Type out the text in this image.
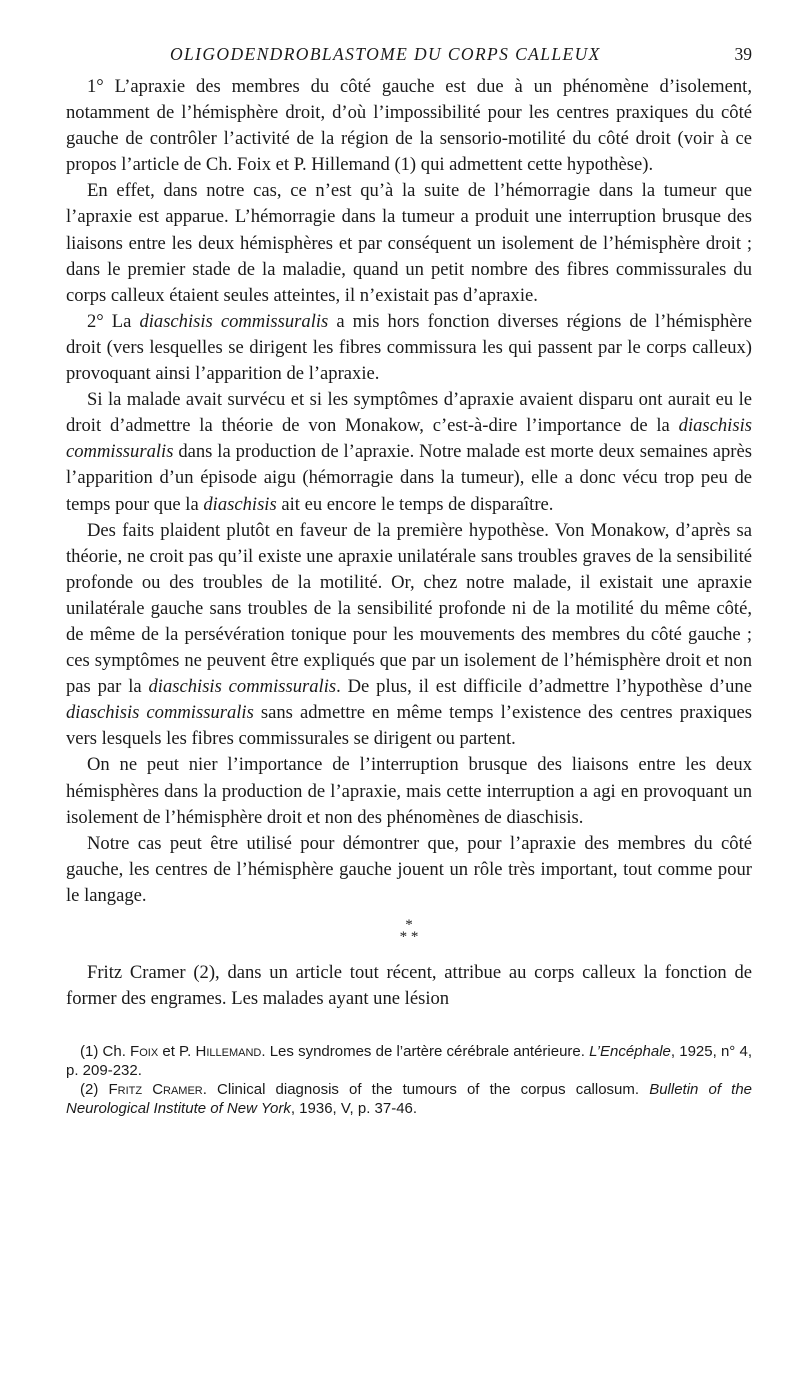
OLIGODENDROBLASTOME DU CORPS CALLEUX	39

1° L’apraxie des membres du côté gauche est due à un phénomène d’isolement, notamment de l’hémisphère droit, d’où l’impossibilité pour les centres praxiques du côté gauche de contrôler l’activité de la région de la sensorio-motilité du côté droit (voir à ce propos l’article de Ch. Foix et P. Hillemand (1) qui admettent cette hypothèse).

En effet, dans notre cas, ce n’est qu’à la suite de l’hémorragie dans la tumeur que l’apraxie est apparue. L’hémorragie dans la tumeur a produit une interruption brusque des liaisons entre les deux hémisphères et par conséquent un isolement de l’hémisphère droit ; dans le premier stade de la maladie, quand un petit nombre des fibres commissurales du corps calleux étaient seules atteintes, il n’existait pas d’apraxie.

2° La diaschisis commissuralis a mis hors fonction diverses régions de l’hémisphère droit (vers lesquelles se dirigent les fibres commissura les qui passent par le corps calleux) provoquant ainsi l’apparition de l’apraxie.

Si la malade avait survécu et si les symptômes d’apraxie avaient disparu ont aurait eu le droit d’admettre la théorie de von Monakow, c’est-à-dire l’importance de la diaschisis commissuralis dans la production de l’apraxie. Notre malade est morte deux semaines après l’apparition d’un épisode aigu (hémorragie dans la tumeur), elle a donc vécu trop peu de temps pour que la diaschisis ait eu encore le temps de disparaître.

Des faits plaident plutôt en faveur de la première hypothèse. Von Monakow, d’après sa théorie, ne croit pas qu’il existe une apraxie unilatérale sans troubles graves de la sensibilité profonde ou des troubles de la motilité. Or, chez notre malade, il existait une apraxie unilatérale gauche sans troubles de la sensibilité profonde ni de la motilité du même côté, de même de la persévération tonique pour les mouvements des membres du côté gauche ; ces symptômes ne peuvent être expliqués que par un isolement de l’hémisphère droit et non pas par la diaschisis commissuralis. De plus, il est difficile d’admettre l’hypothèse d’une diaschisis commissuralis sans admettre en même temps l’existence des centres praxiques vers lesquels les fibres commissurales se dirigent ou partent.

On ne peut nier l’importance de l’interruption brusque des liaisons entre les deux hémisphères dans la production de l’apraxie, mais cette interruption a agi en provoquant un isolement de l’hémisphère droit et non des phénomènes de diaschisis.

Notre cas peut être utilisé pour démontrer que, pour l’apraxie des membres du côté gauche, les centres de l’hémisphère gauche jouent un rôle très important, tout comme pour le langage.

*
* *

Fritz Cramer (2), dans un article tout récent, attribue au corps calleux la fonction de former des engrames. Les malades ayant une lésion

(1) Ch. Foix et P. Hillemand. Les syndromes de l’artère cérébrale antérieure. L’Encéphale, 1925, n° 4, p. 209-232.

(2) Fritz Cramer. Clinical diagnosis of the tumours of the corpus callosum. Bulletin of the Neurological Institute of New York, 1936, V, p. 37-46.
